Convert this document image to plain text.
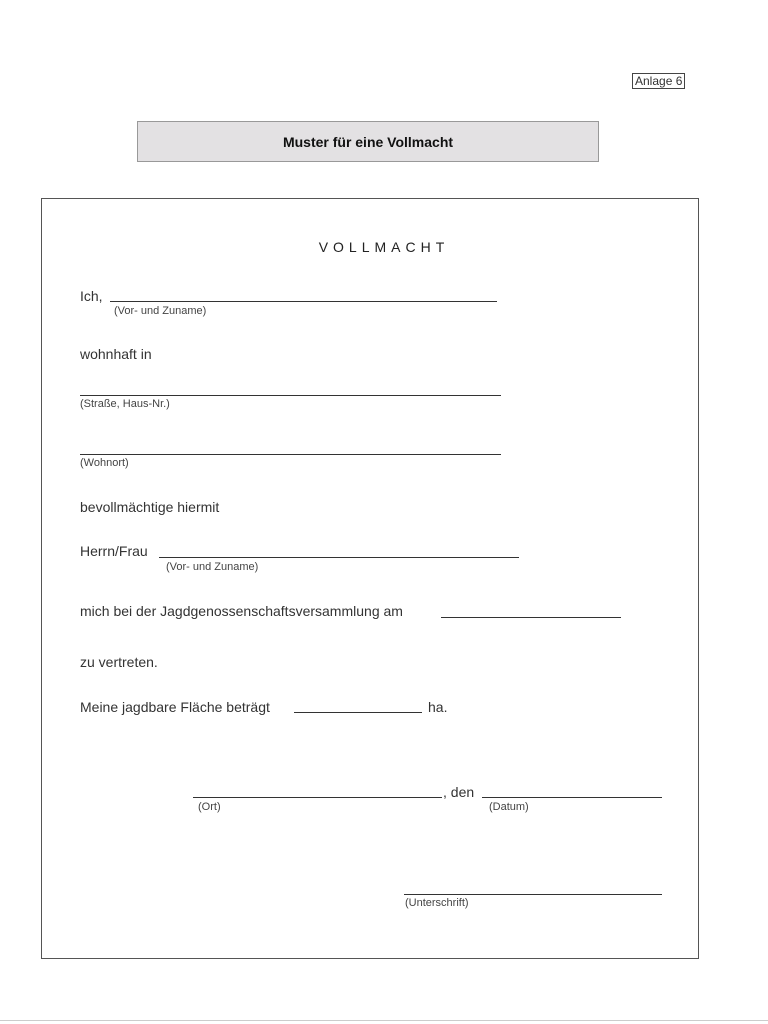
Anlage 6
Muster für eine Vollmacht
VOLLMACHT
Ich,
(Vor- und Zuname)
wohnhaft in
(Straße, Haus-Nr.)
(Wohnort)
bevollmächtige hiermit
Herrn/Frau
(Vor- und Zuname)
mich bei der Jagdgenossenschaftsversammlung am
zu vertreten.
Meine jagdbare Fläche beträgt	ha.
, den
(Ort)	(Datum)
(Unterschrift)
